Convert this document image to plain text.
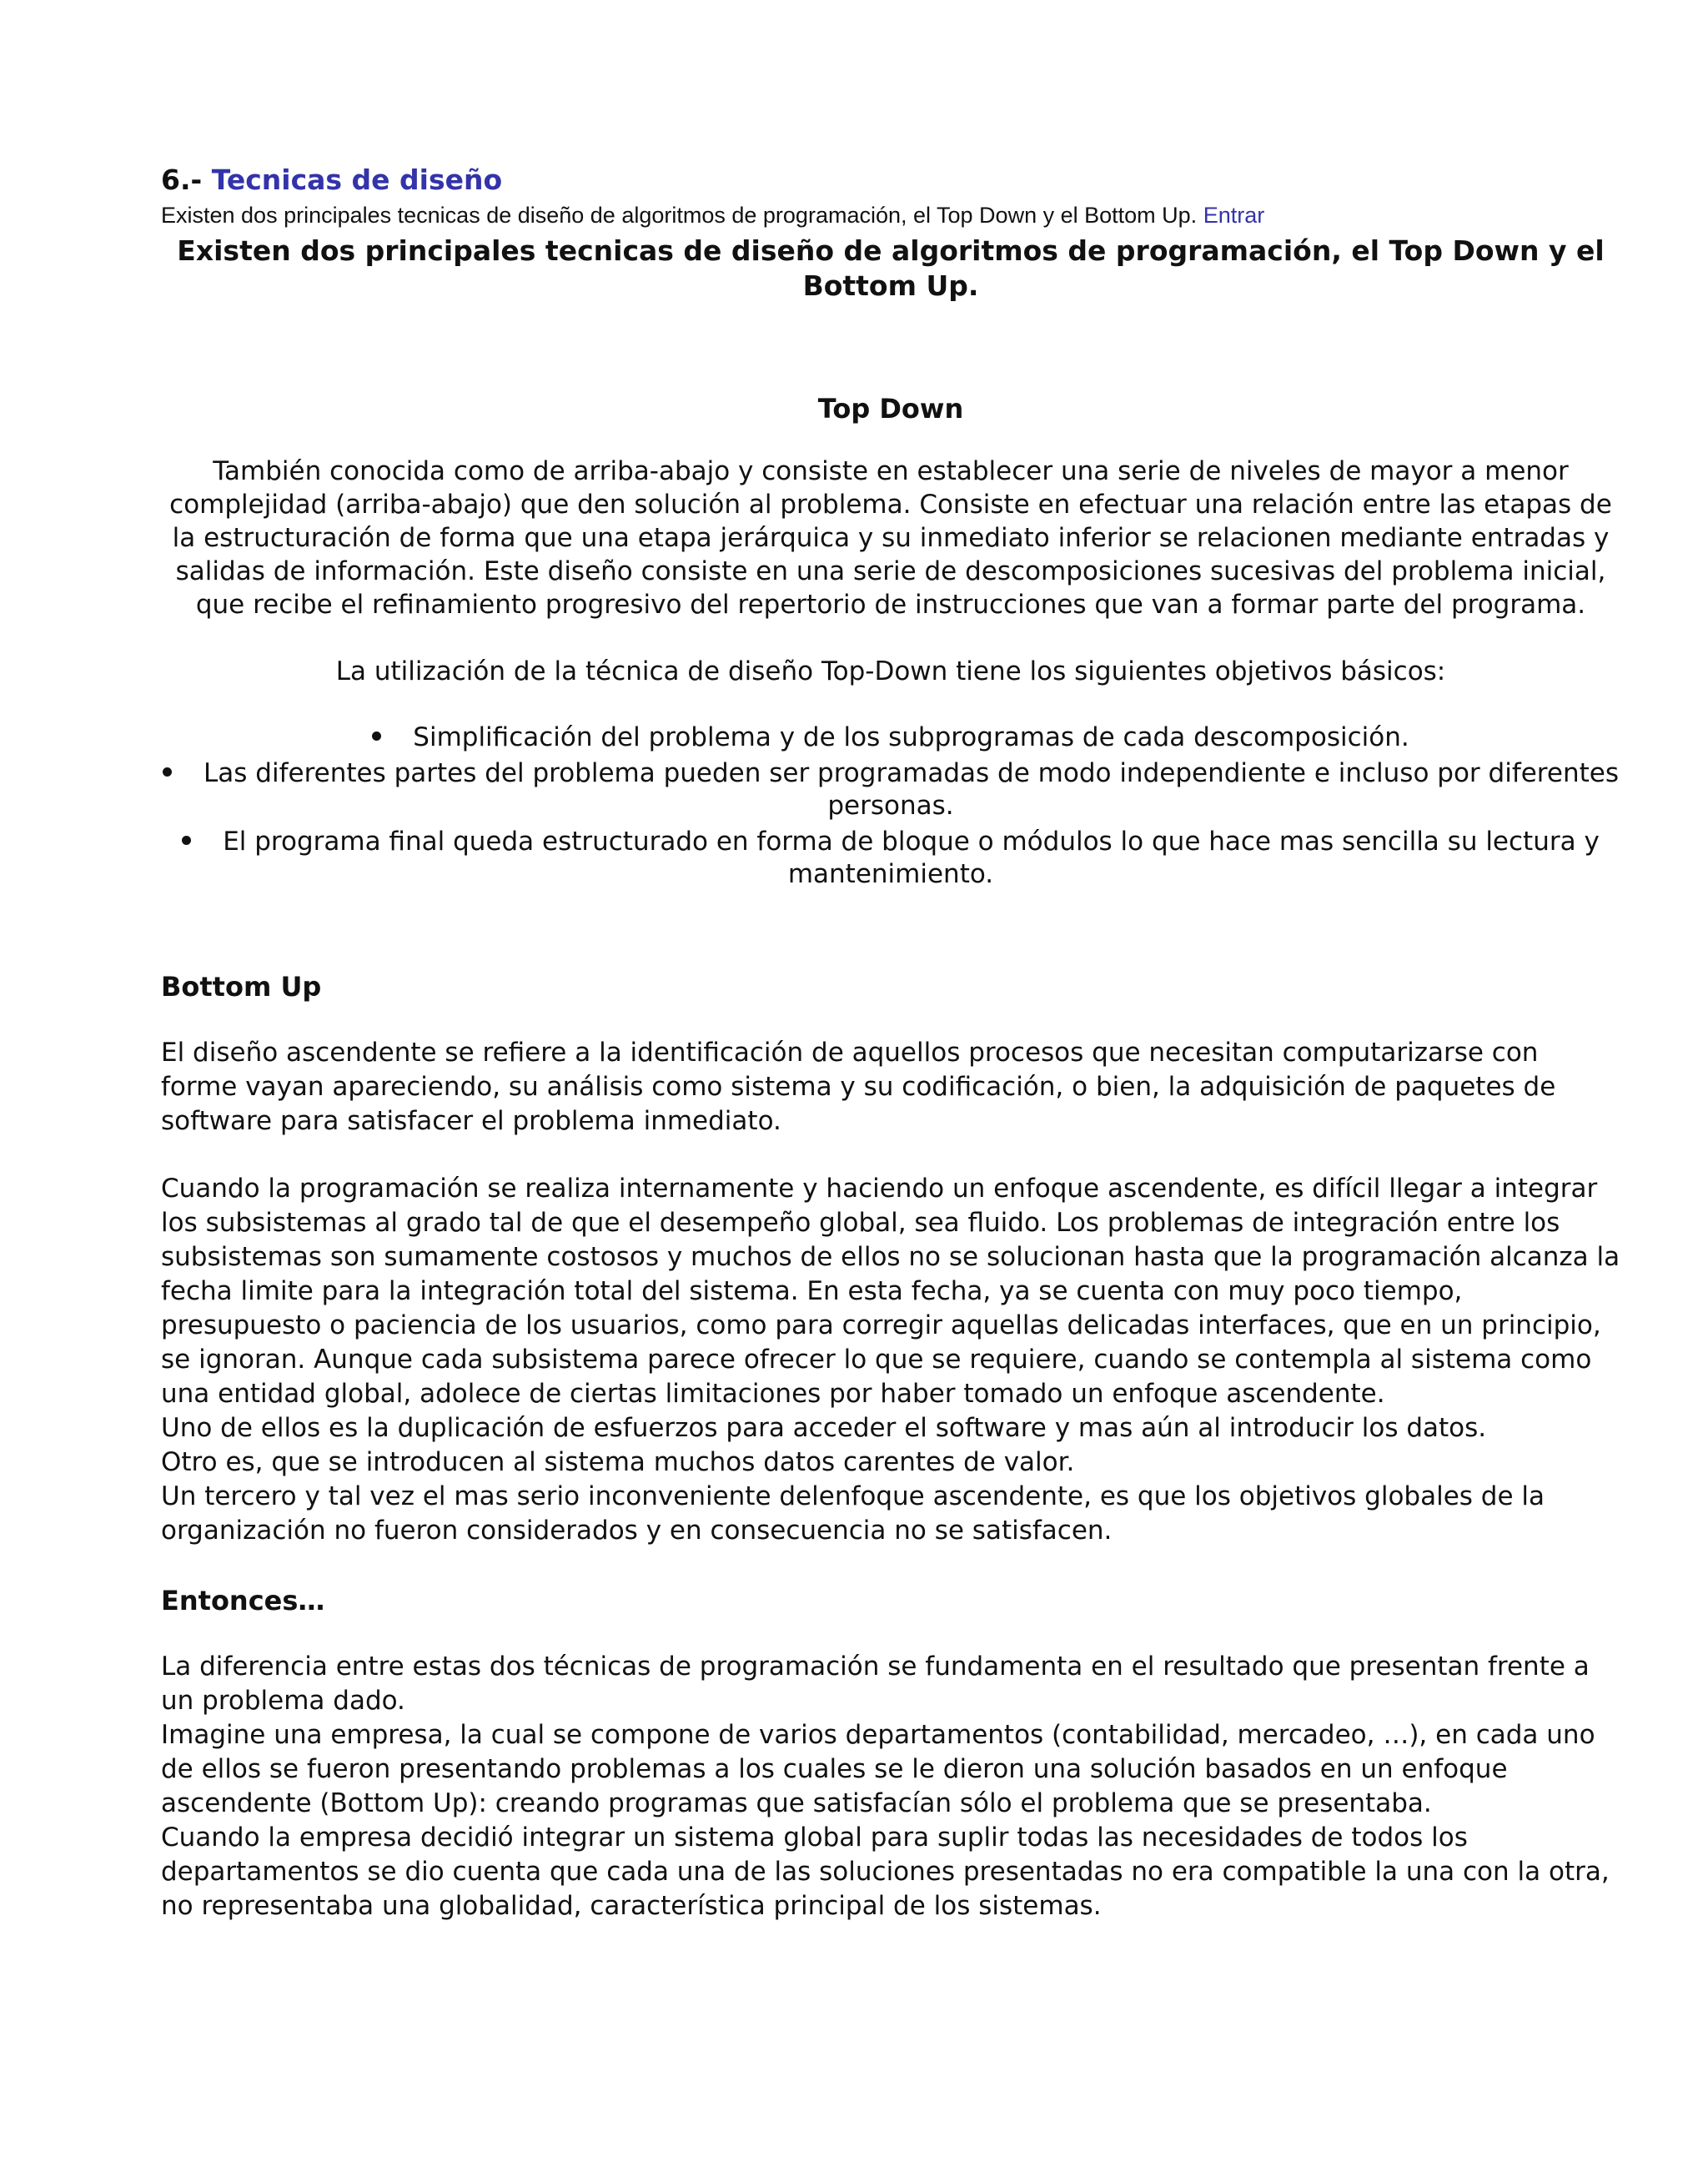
6.- Tecnicas de diseño

Existen dos principales tecnicas de diseño de algoritmos de programación, el Top Down y el Bottom Up. Entrar

Existen dos principales tecnicas de diseño de algoritmos de programación, el Top Down y el Bottom Up.

Top Down

También conocida como de arriba-abajo y consiste en establecer una serie de niveles de mayor a menor complejidad (arriba-abajo) que den solución al problema. Consiste en efectuar una relación entre las etapas de la estructuración de forma que una etapa jerárquica y su inmediato inferior se relacionen mediante entradas y salidas de información. Este diseño consiste en una serie de descomposiciones sucesivas del problema inicial, que recibe el refinamiento progresivo del repertorio de instrucciones que van a formar parte del programa.

La utilización de la técnica de diseño Top-Down tiene los siguientes objetivos básicos:

Simplificación del problema y de los subprogramas de cada descomposición.
Las diferentes partes del problema pueden ser programadas de modo independiente e incluso por diferentes personas.
El programa final queda estructurado en forma de bloque o módulos lo que hace mas sencilla su lectura y mantenimiento.
Bottom Up

El diseño ascendente se refiere a la identificación de aquellos procesos que necesitan computarizarse con forme vayan apareciendo, su análisis como sistema y su codificación, o bien, la adquisición de paquetes de software para satisfacer el problema inmediato.

Cuando la programación se realiza internamente y haciendo un enfoque ascendente, es difícil llegar a integrar los subsistemas al grado tal de que el desempeño global, sea fluido. Los problemas de integración entre los subsistemas son sumamente costosos y muchos de ellos no se solucionan hasta que la programación alcanza la fecha limite para la integración total del sistema. En esta fecha, ya se cuenta con muy poco tiempo, presupuesto o paciencia de los usuarios, como para corregir aquellas delicadas interfaces, que en un principio, se ignoran. Aunque cada subsistema parece ofrecer lo que se requiere, cuando se contempla al sistema como una entidad global, adolece de ciertas limitaciones por haber tomado un enfoque ascendente.

Uno de ellos es la duplicación de esfuerzos para acceder el software y mas aún al introducir los datos.

Otro es, que se introducen al sistema muchos datos carentes de valor.

Un tercero y tal vez el mas serio inconveniente delenfoque ascendente, es que los objetivos globales de la organización no fueron considerados y en consecuencia no se satisfacen.

Entonces…

La diferencia entre estas dos técnicas de programación se fundamenta en el resultado que presentan frente a un problema dado.

Imagine una empresa, la cual se compone de varios departamentos (contabilidad, mercadeo, …), en cada uno de ellos se fueron presentando problemas a los cuales se le dieron una solución basados en un enfoque ascendente (Bottom Up): creando programas que satisfacían sólo el problema que se presentaba.

Cuando la empresa decidió integrar un sistema global para suplir todas las necesidades de todos los departamentos se dio cuenta que cada una de las soluciones presentadas no era compatible la una con la otra, no representaba una globalidad, característica principal de los sistemas.
